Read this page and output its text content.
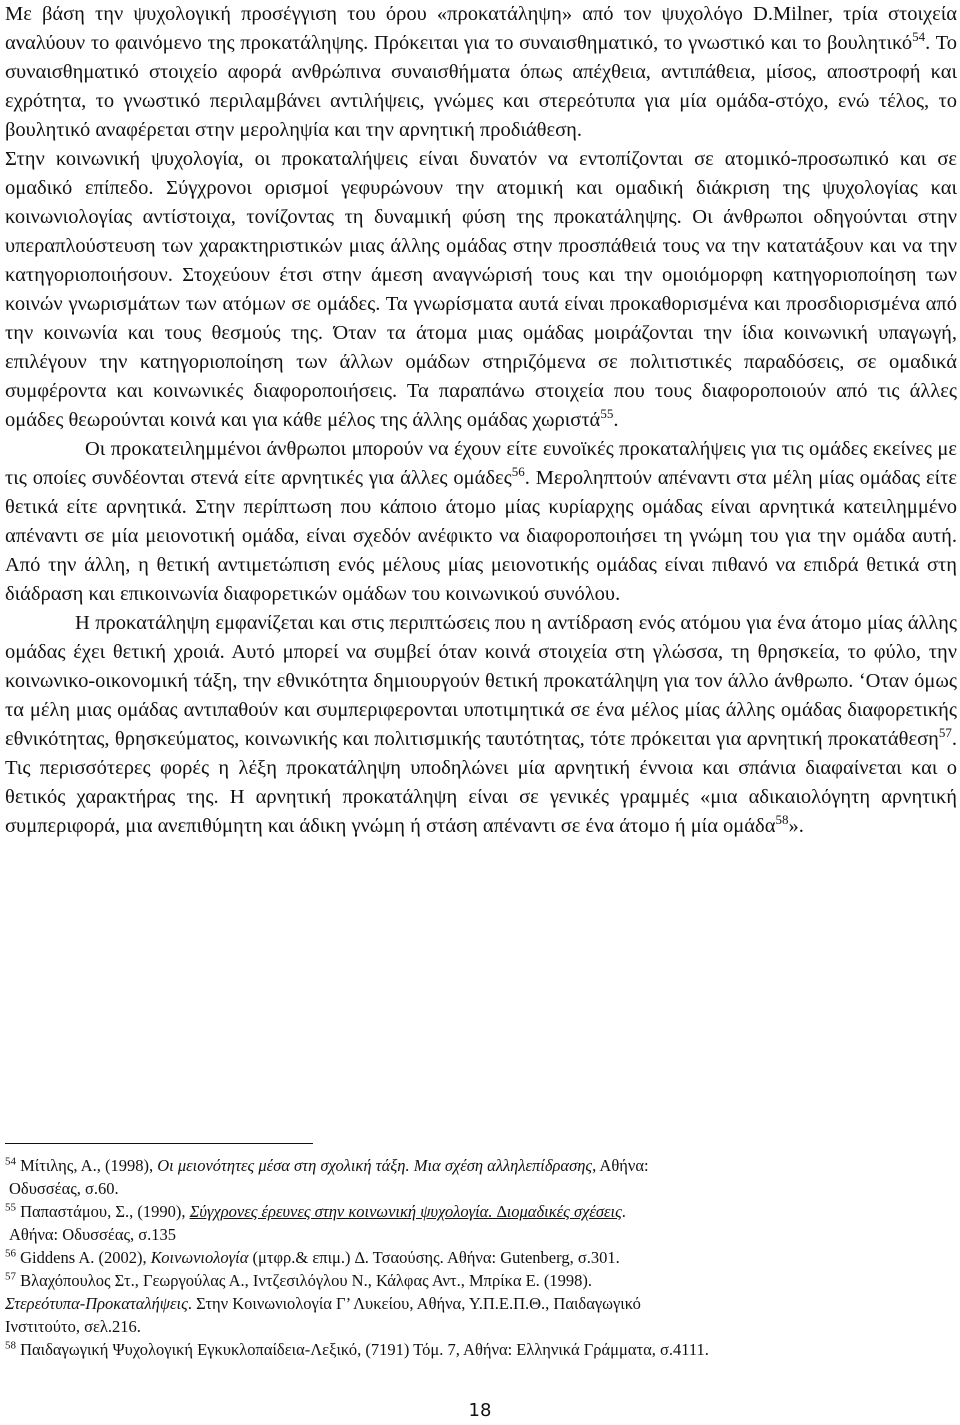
Με βάση την ψυχολογική προσέγγιση του όρου «προκατάληψη» από τον ψυχολόγο D.Milner, τρία στοιχεία αναλύουν το φαινόμενο της προκατάληψης. Πρόκειται για το συναισθηματικό, το γνωστικό και το βουλητικό$^{54}$. Το συναισθηματικό στοιχείο αφορά ανθρώπινα συναισθήματα όπως απέχθεια, αντιπάθεια, μίσος, αποστροφή και εχρότητα, το γνωστικό περιλαμβάνει αντιλήψεις, γνώμες και στερεότυπα για μία ομάδα-στόχο, ενώ τέλος, το βουλητικό αναφέρεται στην μεροληψία και την αρνητική προδιάθεση.

Στην κοινωνική ψυχολογία, οι προκαταλήψεις είναι δυνατόν να εντοπίζονται σε ατομικό-προσωπικό και σε ομαδικό επίπεδο. Σύγχρονοι ορισμοί γεφυρώνουν την ατομική και ομαδική διάκριση της ψυχολογίας και κοινωνιολογίας αντίστοιχα, τονίζοντας τη δυναμική φύση της προκατάληψης. Οι άνθρωποι οδηγούνται στην υπεραπλούστευση των χαρακτηριστικών μιας άλλης ομάδας στην προσπάθειά τους να την κατατάξουν και να την κατηγοριοποιήσουν. Στοχεύουν έτσι στην άμεση αναγνώρισή τους και την ομοιόμορφη κατηγοριοποίηση των κοινών γνωρισμάτων των ατόμων σε ομάδες. Τα γνωρίσματα αυτά είναι προκαθορισμένα και προσδιορισμένα από την κοινωνία και τους θεσμούς της. Όταν τα άτομα μιας ομάδας μοιράζονται την ίδια κοινωνική υπαγωγή, επιλέγουν την κατηγοριοποίηση των άλλων ομάδων στηριζόμενα σε πολιτιστικές παραδόσεις, σε ομαδικά συμφέροντα και κοινωνικές διαφοροποιήσεις. Τα παραπάνω στοιχεία που τους διαφοροποιούν από τις άλλες ομάδες θεωρούνται κοινά και για κάθε μέλος της άλλης ομάδας χωριστά$^{55}$.

Οι προκατειλημμένοι άνθρωποι μπορούν να έχουν είτε ευνοϊκές προκαταλήψεις για τις ομάδες εκείνες με τις οποίες συνδέονται στενά είτε αρνητικές για άλλες ομάδες$^{56}$. Μεροληπτούν απέναντι στα μέλη μίας ομάδας είτε θετικά είτε αρνητικά. Στην περίπτωση που κάποιο άτομο μίας κυρίαρχης ομάδας είναι αρνητικά κατειλημμένο απέναντι σε μία μειονοτική ομάδα, είναι σχεδόν ανέφικτο να διαφοροποιήσει τη γνώμη του για την ομάδα αυτή. Από την άλλη, η θετική αντιμετώπιση ενός μέλους μίας μειονοτικής ομάδας είναι πιθανό να επιδρά θετικά στη διάδραση και επικοινωνία διαφορετικών ομάδων του κοινωνικού συνόλου.

Η προκατάληψη εμφανίζεται και στις περιπτώσεις που η αντίδραση ενός ατόμου για ένα άτομο μίας άλλης ομάδας έχει θετική χροιά. Αυτό μπορεί να συμβεί όταν κοινά στοιχεία στη γλώσσα, τη θρησκεία, το φύλο, την κοινωνικο-οικονομική τάξη, την εθνικότητα δημιουργούν θετική προκατάληψη για τον άλλο άνθρωπο. ‘Οταν όμως τα μέλη μιας ομάδας αντιπαθούν και συμπεριφερονται υποτιμητικά σε ένα μέλος μίας άλλης ομάδας διαφορετικής εθνικότητας, θρησκεύματος, κοινωνικής και πολιτισμικής ταυτότητας, τότε πρόκειται για αρνητική προκατάθεση$^{57}$. Τις περισσότερες φορές η λέξη προκατάληψη υποδηλώνει μία αρνητική έννοια και σπάνια διαφαίνεται και ο θετικός χαρακτήρας της. Η αρνητική προκατάληψη είναι σε γενικές γραμμές «μια αδικαιολόγητη αρνητική συμπεριφορά, μια ανεπιθύμητη και άδικη γνώμη ή στάση απέναντι σε ένα άτομο ή μία ομάδα$^{58}$».

$^{54}$ Μίτιλης, Α., (1998), Οι μειονότητες μέσα στη σχολική τάξη. Μια σχέση αλληλεπίδρασης, Αθήνα:
Οδυσσέας, σ.60.
$^{55}$ Παπαστάμου, Σ., (1990), Σύγχρονες έρευνες στην κοινωνική ψυχολογία. ∆ιομαδικές σχέσεις.
Αθήνα: Οδυσσέας, σ.135
$^{56}$ Giddens A. (2002), Κοινωνιολογία (μτφρ.& επιμ.) ∆. Τσαούσης. Αθήνα: Gutenberg, σ.301.
$^{57}$ Βλαχόπουλος Στ., Γεωργούλας Α., Ιντζεσιλόγλου Ν., Κάλφας Αντ., Μπρίκα Ε. (1998).
Στερεότυπα-Προκαταλήψεις. Στην Κοινωνιολογία Γ’ Λυκείου, Αθήνα, Υ.Π.Ε.Π.Θ., Παιδαγωγικό
Ινστιτούτο, σελ.216.
$^{58}$ Παιδαγωγική Ψυχολογική Εγκυκλοπαίδεια-Λεξικό, (7191) Τόμ. 7, Αθήνα: Ελληνικά Γράμματα, σ.4111.
18
